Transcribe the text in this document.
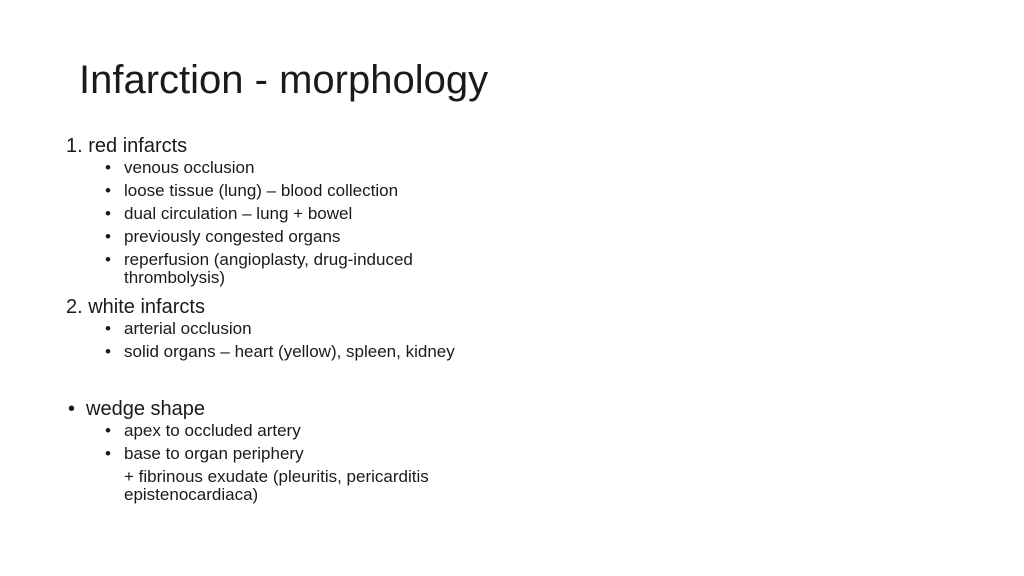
Infarction - morphology

1. red infarcts

• venous occlusion
• loose tissue (lung) – blood collection
• dual circulation – lung + bowel
• previously congested organs
• reperfusion (angioplasty, drug-induced thrombolysis)

2. white infarcts

• arterial occlusion
• solid organs – heart (yellow), spleen, kidney

• wedge shape

• apex to occluded artery
• base to organ periphery
+ fibrinous exudate (pleuritis, pericarditis epistenocardiaca)
